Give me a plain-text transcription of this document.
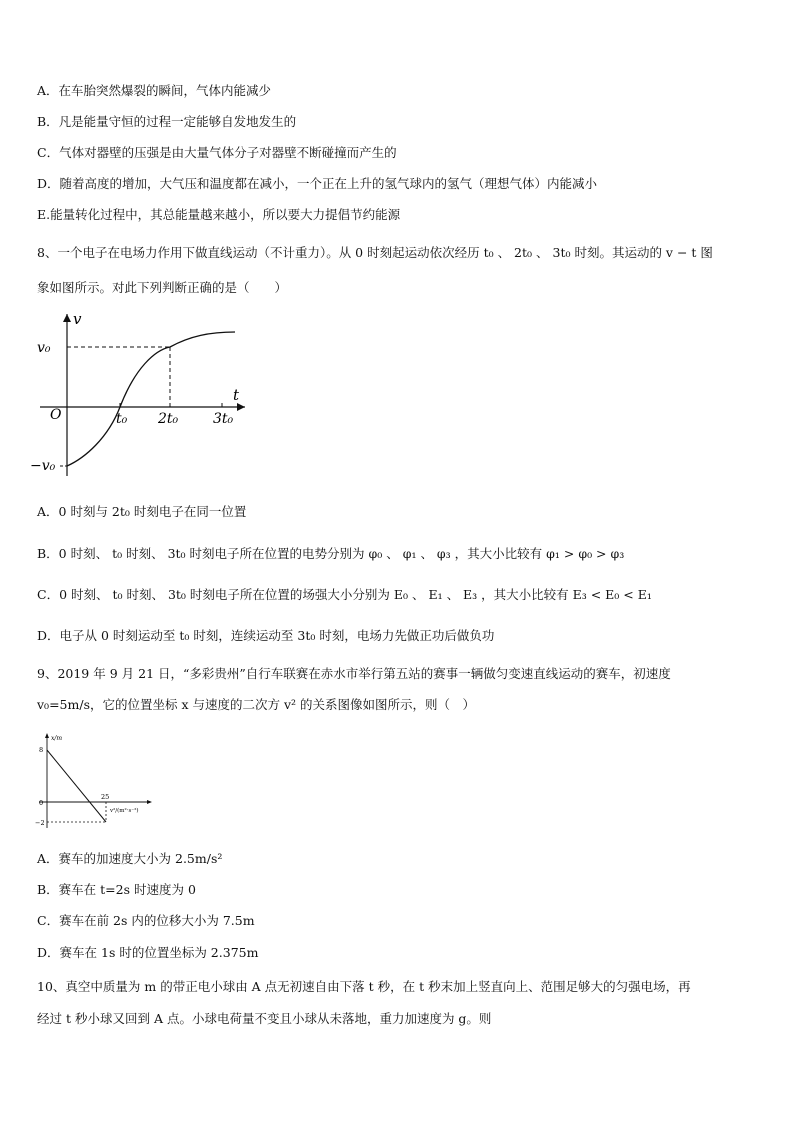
A．在车胎突然爆裂的瞬间，气体内能减少
B．凡是能量守恒的过程一定能够自发地发生的
C．气体对器壁的压强是由大量气体分子对器壁不断碰撞而产生的
D．随着高度的增加，大气压和温度都在减小，一个正在上升的氢气球内的氢气（理想气体）内能减小
E.能量转化过程中，其总能量越来越小，所以要大力提倡节约能源
8、一个电子在电场力作用下做直线运动（不计重力）。从 0 时刻起运动依次经历 t₀ 、 2t₀ 、 3t₀ 时刻。其运动的 v − t 图
象如图所示。对此下列判断正确的是（　　）
v
t
O
v₀
−v₀
t₀ 2t₀ 3t₀
A．0 时刻与 2t₀ 时刻电子在同一位置
B．0 时刻、 t₀ 时刻、 3t₀ 时刻电子所在位置的电势分别为 φ₀ 、 φ₁ 、 φ₃ ，其大小比较有 φ₁ > φ₀ > φ₃
C．0 时刻、 t₀ 时刻、 3t₀ 时刻电子所在位置的场强大小分别为 E₀ 、 E₁ 、 E₃ ，其大小比较有 E₃ < E₀ < E₁
D．电子从 0 时刻运动至 t₀ 时刻，连续运动至 3t₀ 时刻，电场力先做正功后做负功
9、2019 年 9 月 21 日，“多彩贵州”自行车联赛在赤水市举行第五站的赛事一辆做匀变速直线运动的赛车，初速度
v₀=5m/s，它的位置坐标 x 与速度的二次方 v² 的关系图像如图所示，则（　）
x/m
v²/(m²·s⁻²)
8
0
−2
25
A．赛车的加速度大小为 2.5m/s²
B．赛车在 t=2s 时速度为 0
C．赛车在前 2s 内的位移大小为 7.5m
D．赛车在 1s 时的位置坐标为 2.375m
10、真空中质量为 m 的带正电小球由 A 点无初速自由下落 t 秒，在 t 秒末加上竖直向上、范围足够大的匀强电场，再
经过 t 秒小球又回到 A 点。小球电荷量不变且小球从未落地，重力加速度为 g。则
